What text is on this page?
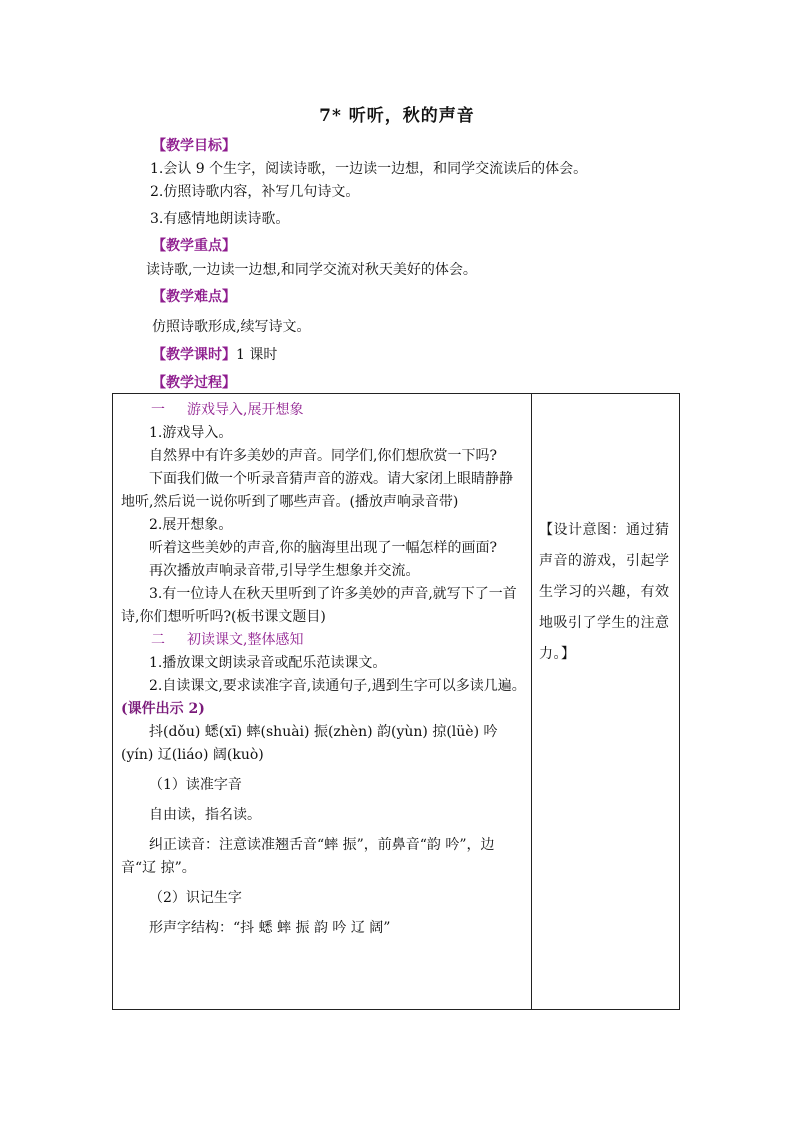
7* 听听，秋的声音
【教学目标】
1.会认 9 个生字，阅读诗歌，一边读一边想，和同学交流读后的体会。
2.仿照诗歌内容，补写几句诗文。
3.有感情地朗读诗歌。
【教学重点】
读诗歌,一边读一边想,和同学交流对秋天美好的体会。
【教学难点】
仿照诗歌形成,续写诗文。
【教学课时】1 课时
【教学过程】

一 游戏导入,展开想象

1.游戏导入。

自然界中有许多美妙的声音。同学们,你们想欣赏一下吗?

下面我们做一个听录音猜声音的游戏。请大家闭上眼睛静静地听,然后说一说你听到了哪些声音。(播放声响录音带)

2.展开想象。

听着这些美妙的声音,你的脑海里出现了一幅怎样的画面?

再次播放声响录音带,引导学生想象并交流。

3.有一位诗人在秋天里听到了许多美妙的声音,就写下了一首诗,你们想听听吗?(板书课文题目)

二 初读课文,整体感知

1.播放课文朗读录音或配乐范读课文。

2.自读课文,要求读准字音,读通句子,遇到生字可以多读几遍。(课件出示 2)

抖(dǒu) 蟋(xī) 蟀(shuài) 振(zhèn) 韵(yùn) 掠(lüè) 吟(yín) 辽(liáo) 阔(kuò)

（1）读准字音

自由读，指名读。

纠正读音：注意读准翘舌音“蟀 振”，前鼻音“韵 吟”，边音“辽 掠”。

（2）识记生字

形声字结构：“抖 蟋 蟀 振 韵 吟 辽 阔”

【设计意图：通过猜声音的游戏，引起学生学习的兴趣，有效地吸引了学生的注意力。】
